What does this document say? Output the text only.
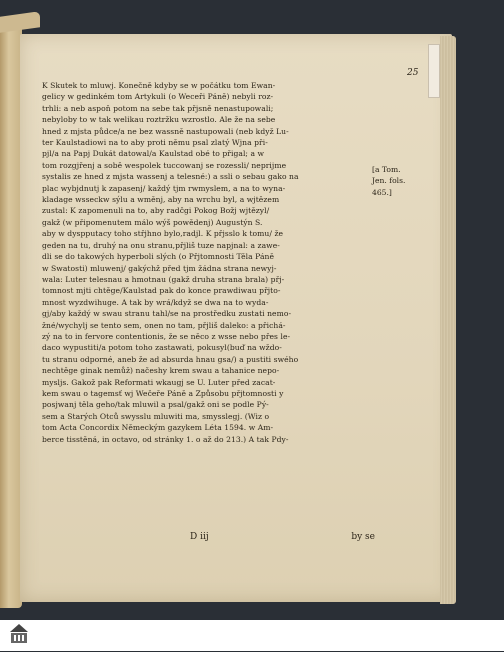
25
K Skutek to mluwj. Konečně kdyby se w počátku tom Ewan-
gelicy w gedinkém tom Artykuli (o Weceři Páně) nebyli roz-
trhli: a neb aspoň potom na sebe tak přjsně nenastupowali;
nebyloby to w tak welikau roztržku wzrostlo. Ale že na sebe
hned z mjsta půdce/a ne bez wassně nastupowali (neb když Lu-
ter Kaulstadiowi na to aby proti němu psal zlatý Wjna při-
pjl/a na Papj Dukát datowal/a Kaulstad obé to přigal; a w
tom rozgjřenj a sobě wespolek tuccowanj se rozessli/ neprijme
systalis ze hned z mjsta wassenj a telesné:) a ssli o sebau gako na
plac wybjdnutj k zapasenj/ každý tjm rwmyslem, a na to wyna-
kladage wsseckw sýlu a wměnj, aby na wrchu byl, a wjtězem
zustal: K zapomenuli na to, aby radčgi Pokog Božj wjtězyl/
gakž (w připomenutem málo wýš powědenj) Augustýn S.
aby w dyspputacy toho střjhno bylo,radjl. K přjsslo k tomu/ že
geden na tu, druhý na onu stranu,přjliš tuze napjnal: a zawe-
dli se do takowých hyperboli slých (o Přjtomnosti Těla Páně
w Swatosti) mluwenj/ gakýchž před tjm žádna strana newyj-
wala: Luter telesnau a hmotnau (gakž druha strana brala) přj-
tomnost mjti chtěge/Kaulstad pak do konce prawdiwau přjto-
mnost wyzdwihuge. A tak by wrá/když se dwa na to wyda-
gj/aby každý w swau stranu tahl/se na prostředku zustati nemo-
žné/wychylj se tento sem, onen no tam, přjliš daleko: a přichá-
zý na to in fervore contentionis, že se něco z wsse nebo přes le-
daco wypustiti/a potom toho zastawati, pokusyl(buď na wždo-
tu stranu odporné, aneb že ad absurda hnau gsa/) a pustiti swého
nechtěge ginak nemůž) načeshy krem swau a tahanice nepo-
mysljs. Gakož pak Reformati wkaugj se U. Luter před zacat-
kem swau o tagemsť wj Wečeře Páně a Způsobu přjtomnosti y
posjwanj těla geho/tak mluwil a psal/gakž oni se podle Pý-
sem a Starých Otců swysslu mluwiti ma, smysslegj. (Wiz o
tom Acta Concordix Německým gazykem Léta 1594. w Am-
berce tisstěná, in octavo, od stránky 1. o až do 213.) A tak Pdy-
[a Tom.
Jen. fols.
465.]
D iij	by se
